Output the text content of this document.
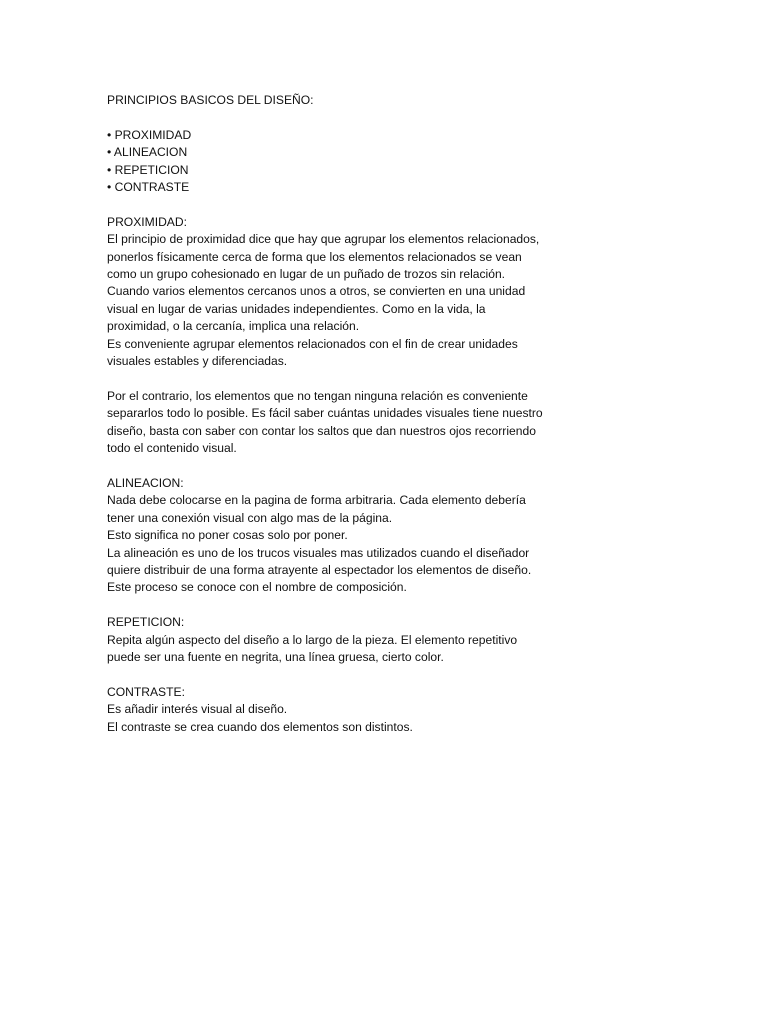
PRINCIPIOS BASICOS DEL DISEÑO:
• PROXIMIDAD
• ALINEACION
• REPETICION
• CONTRASTE
PROXIMIDAD:
El principio de proximidad dice que hay que agrupar los elementos relacionados,
ponerlos físicamente cerca de forma que los elementos relacionados se vean
como un grupo cohesionado en lugar de un puñado de trozos sin relación.
Cuando varios elementos cercanos unos a otros, se convierten en una unidad
visual en lugar de varias unidades independientes. Como en la vida, la
proximidad, o la cercanía, implica una relación.
Es conveniente agrupar elementos relacionados con el fin de crear unidades
visuales estables y diferenciadas.
Por el contrario, los elementos que no tengan ninguna relación es conveniente
separarlos todo lo posible. Es fácil saber cuántas unidades visuales tiene nuestro
diseño, basta con saber con contar los saltos que dan nuestros ojos recorriendo
todo el contenido visual.
ALINEACION:
Nada debe colocarse en la pagina de forma arbitraria. Cada elemento debería
tener una conexión visual con algo mas de la página.
Esto significa no poner cosas solo por poner.
La alineación es uno de los trucos visuales mas utilizados cuando el diseñador
quiere distribuir de una forma atrayente al espectador los elementos de diseño.
Este proceso se conoce con el nombre de composición.
REPETICION:
Repita algún aspecto del diseño a lo largo de la pieza. El elemento repetitivo
puede ser una fuente en negrita, una línea gruesa, cierto color.
CONTRASTE:
Es añadir interés visual al diseño.
El contraste se crea cuando dos elementos son distintos.
